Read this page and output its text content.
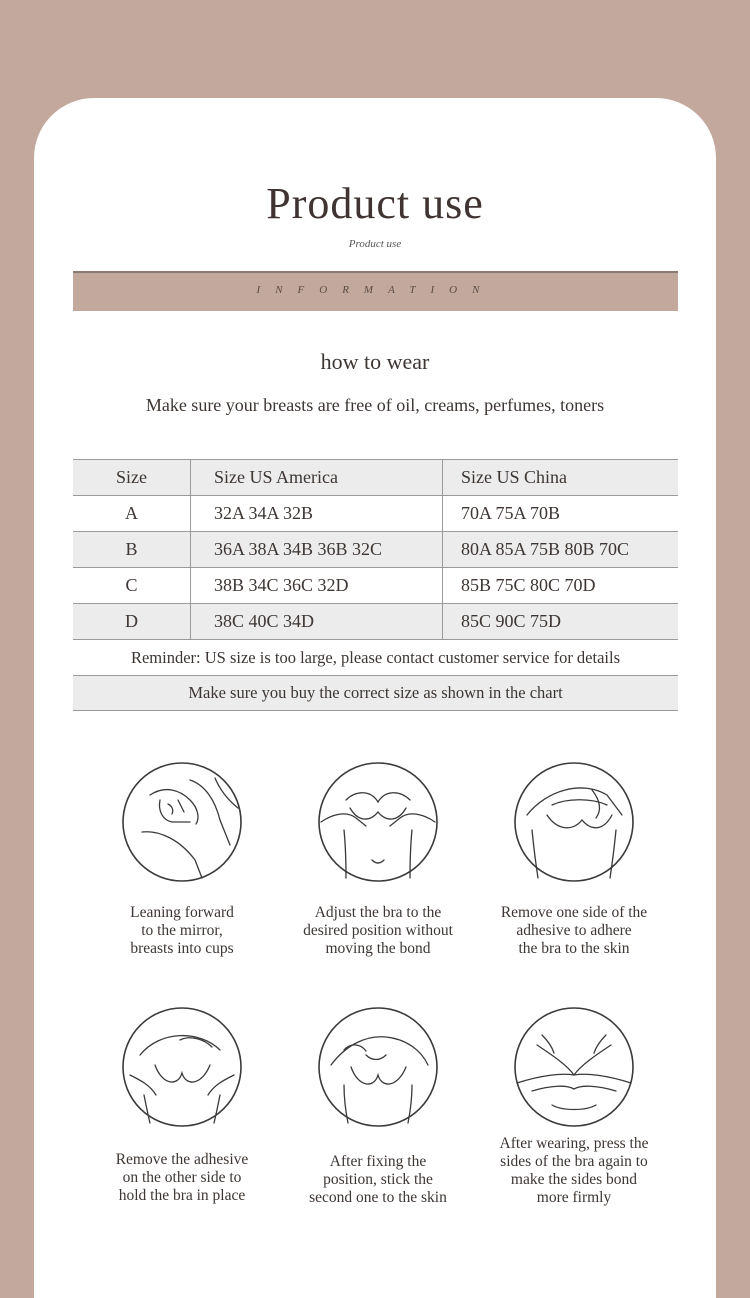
Product use
Product use
INFORMATION
how to wear
Make sure your breasts are free of oil, creams, perfumes, toners
Size	Size US America	Size US China
A	32A 34A 32B	70A 75A 70B
B	36A 38A 34B 36B 32C	80A 85A 75B 80B 70C
C	38B 34C 36C 32D	85B 75C 80C 70D
D	38C 40C 34D	85C 90C 75D
Reminder: US size is too large, please contact customer service for details
Make sure you buy the correct size as shown in the chart
Leaning forward
to the mirror,
breasts into cups
Adjust the bra to the
desired position without
moving the bond
Remove one side of the
adhesive to adhere
the bra to the skin
Remove the adhesive
on the other side to
hold the bra in place
After fixing the
position, stick the
second one to the skin
After wearing, press the
sides of the bra again to
make the sides bond
more firmly
